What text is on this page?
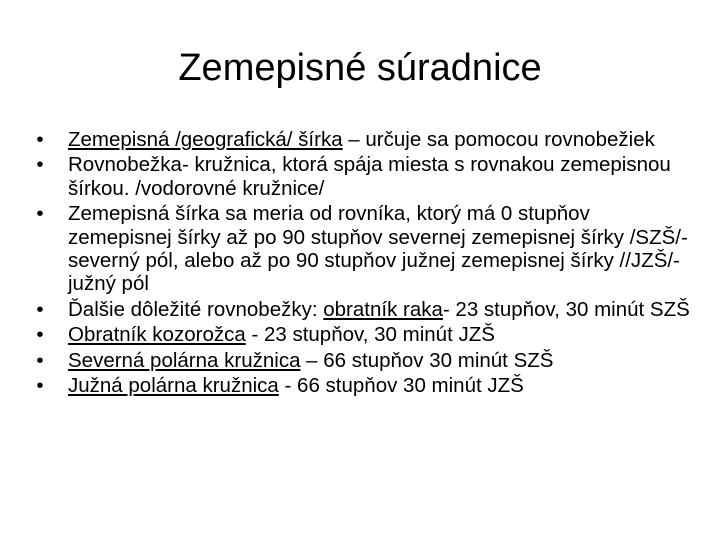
Zemepisné súradnice
•	Zemepisná /geografická/ šírka – určuje sa pomocou rovnobežiek
•	Rovnobežka- kružnica, ktorá spája miesta s rovnakou zemepisnou šírkou. /vodorovné kružnice/
•	Zemepisná šírka sa meria od rovníka, ktorý má 0 stupňov zemepisnej šírky až po 90 stupňov severnej zemepisnej šírky /SZŠ/- severný pól, alebo až po 90 stupňov južnej zemepisnej šírky //JZŠ/- južný pól
•	Ďalšie dôležité rovnobežky: obratník raka- 23 stupňov, 30 minút SZŠ
•	Obratník kozorožca - 23 stupňov, 30 minút JZŠ
•	Severná polárna kružnica – 66 stupňov 30 minút SZŠ
•	Južná polárna kružnica - 66 stupňov 30 minút JZŠ
